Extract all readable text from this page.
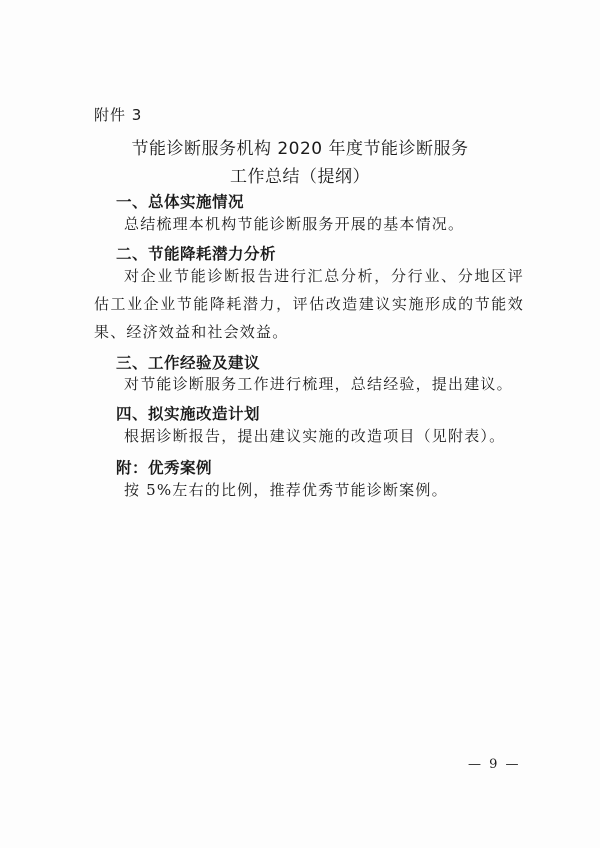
附件 3
节能诊断服务机构 2020 年度节能诊断服务
工作总结（提纲）
一、总体实施情况
总结梳理本机构节能诊断服务开展的基本情况。
二、节能降耗潜力分析
对企业节能诊断报告进行汇总分析，分行业、分地区评估工业企业节能降耗潜力，评估改造建议实施形成的节能效果、经济效益和社会效益。
三、工作经验及建议
对节能诊断服务工作进行梳理，总结经验，提出建议。
四、拟实施改造计划
根据诊断报告，提出建议实施的改造项目（见附表）。
附：优秀案例
按 5%左右的比例，推荐优秀节能诊断案例。
— 9 —
